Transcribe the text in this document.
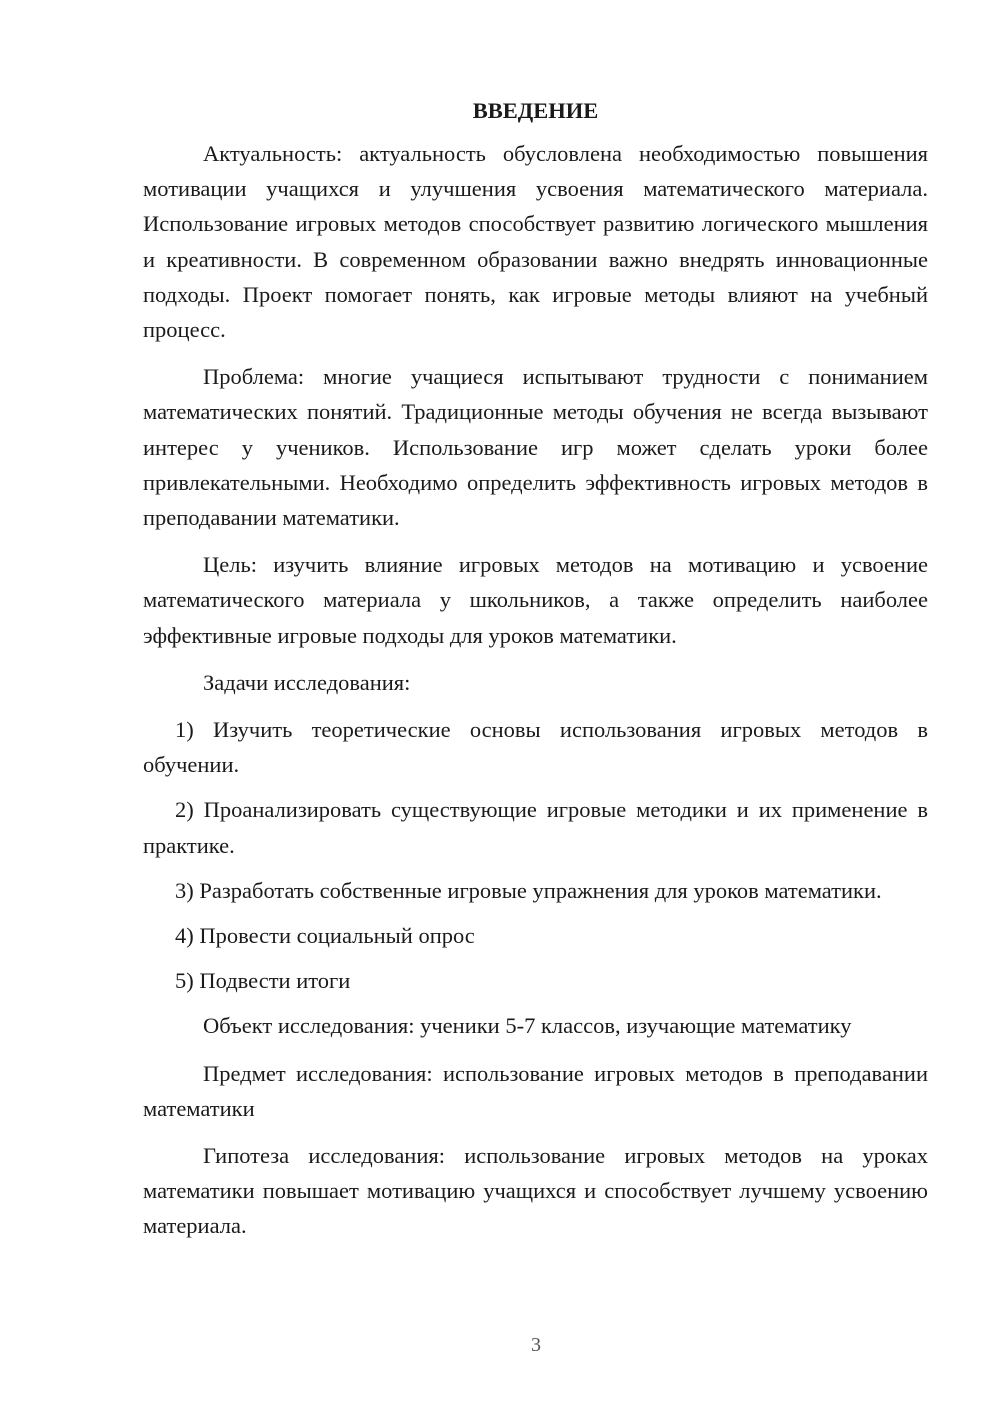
ВВЕДЕНИЕ

Актуальность: актуальность обусловлена необходимостью повышения мотивации учащихся и улучшения усвоения математического материала. Использование игровых методов способствует развитию логического мышления и креативности. В современном образовании важно внедрять инновационные подходы. Проект помогает понять, как игровые методы влияют на учебный процесс.

Проблема: многие учащиеся испытывают трудности с пониманием математических понятий. Традиционные методы обучения не всегда вызывают интерес у учеников. Использование игр может сделать уроки более привлекательными. Необходимо определить эффективность игровых методов в преподавании математики.

Цель: изучить влияние игровых методов на мотивацию и усвоение математического материала у школьников, а также определить наиболее эффективные игровые подходы для уроков математики.

Задачи исследования:

1) Изучить теоретические основы использования игровых методов в обучении.

2) Проанализировать существующие игровые методики и их применение в практике.

3) Разработать собственные игровые упражнения для уроков математики.

4) Провести социальный опрос

5) Подвести итоги

Объект исследования: ученики 5-7 классов, изучающие математику

Предмет исследования: использование игровых методов в преподавании математики

Гипотеза исследования: использование игровых методов на уроках математики повышает мотивацию учащихся и способствует лучшему усвоению материала.

3
